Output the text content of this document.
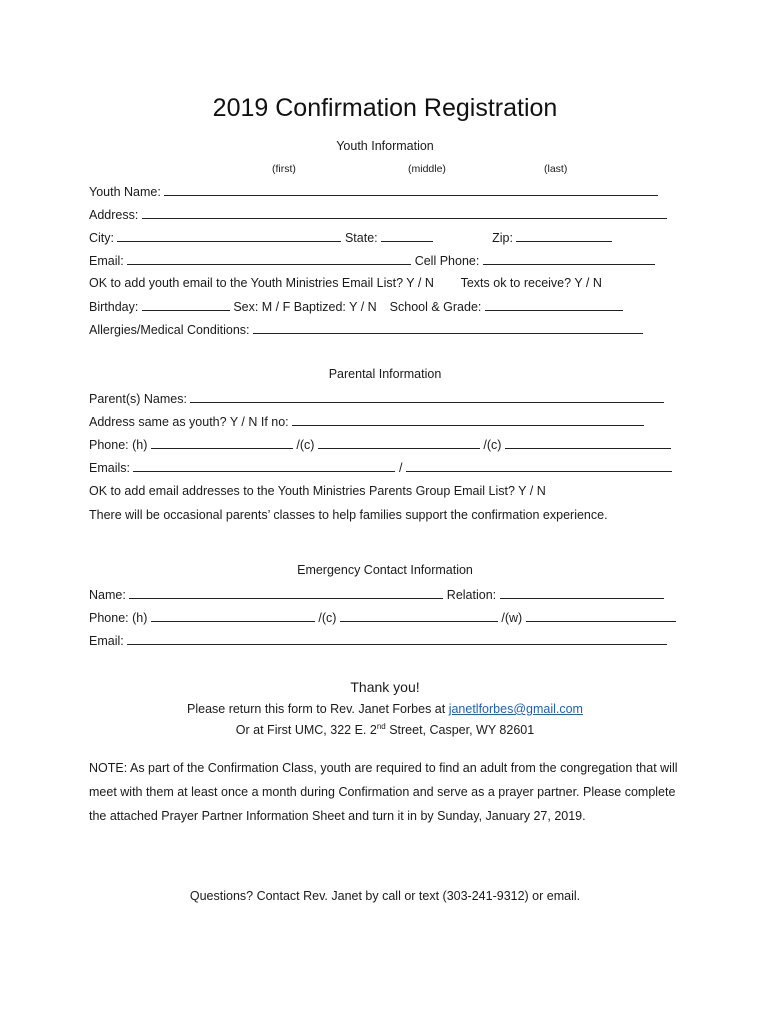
2019 Confirmation Registration
Youth Information
(first)	(middle)	(last)
Youth Name:
Address:
City:	State:	Zip:
Email:	Cell Phone:
OK to add youth email to the Youth Ministries Email List? Y / N Texts ok to receive? Y / N
Birthday:	Sex: M / F Baptized: Y / N School & Grade:
Allergies/Medical Conditions:
Parental Information
Parent(s) Names:
Address same as youth? Y / N If no:
Phone: (h)	/(c)	/(c)
Emails:	/
OK to add email addresses to the Youth Ministries Parents Group Email List? Y / N
There will be occasional parents’ classes to help families support the confirmation experience.
Emergency Contact Information
Name:	Relation:
Phone: (h)	/(c)	/(w)
Email:
Thank you!
Please return this form to Rev. Janet Forbes at janetlforbes@gmail.com
Or at First UMC, 322 E. 2nd Street, Casper, WY 82601
NOTE: As part of the Confirmation Class, youth are required to find an adult from the congregation that will meet with them at least once a month during Confirmation and serve as a prayer partner. Please complete the attached Prayer Partner Information Sheet and turn it in by Sunday, January 27, 2019.
Questions? Contact Rev. Janet by call or text (303-241-9312) or email.
